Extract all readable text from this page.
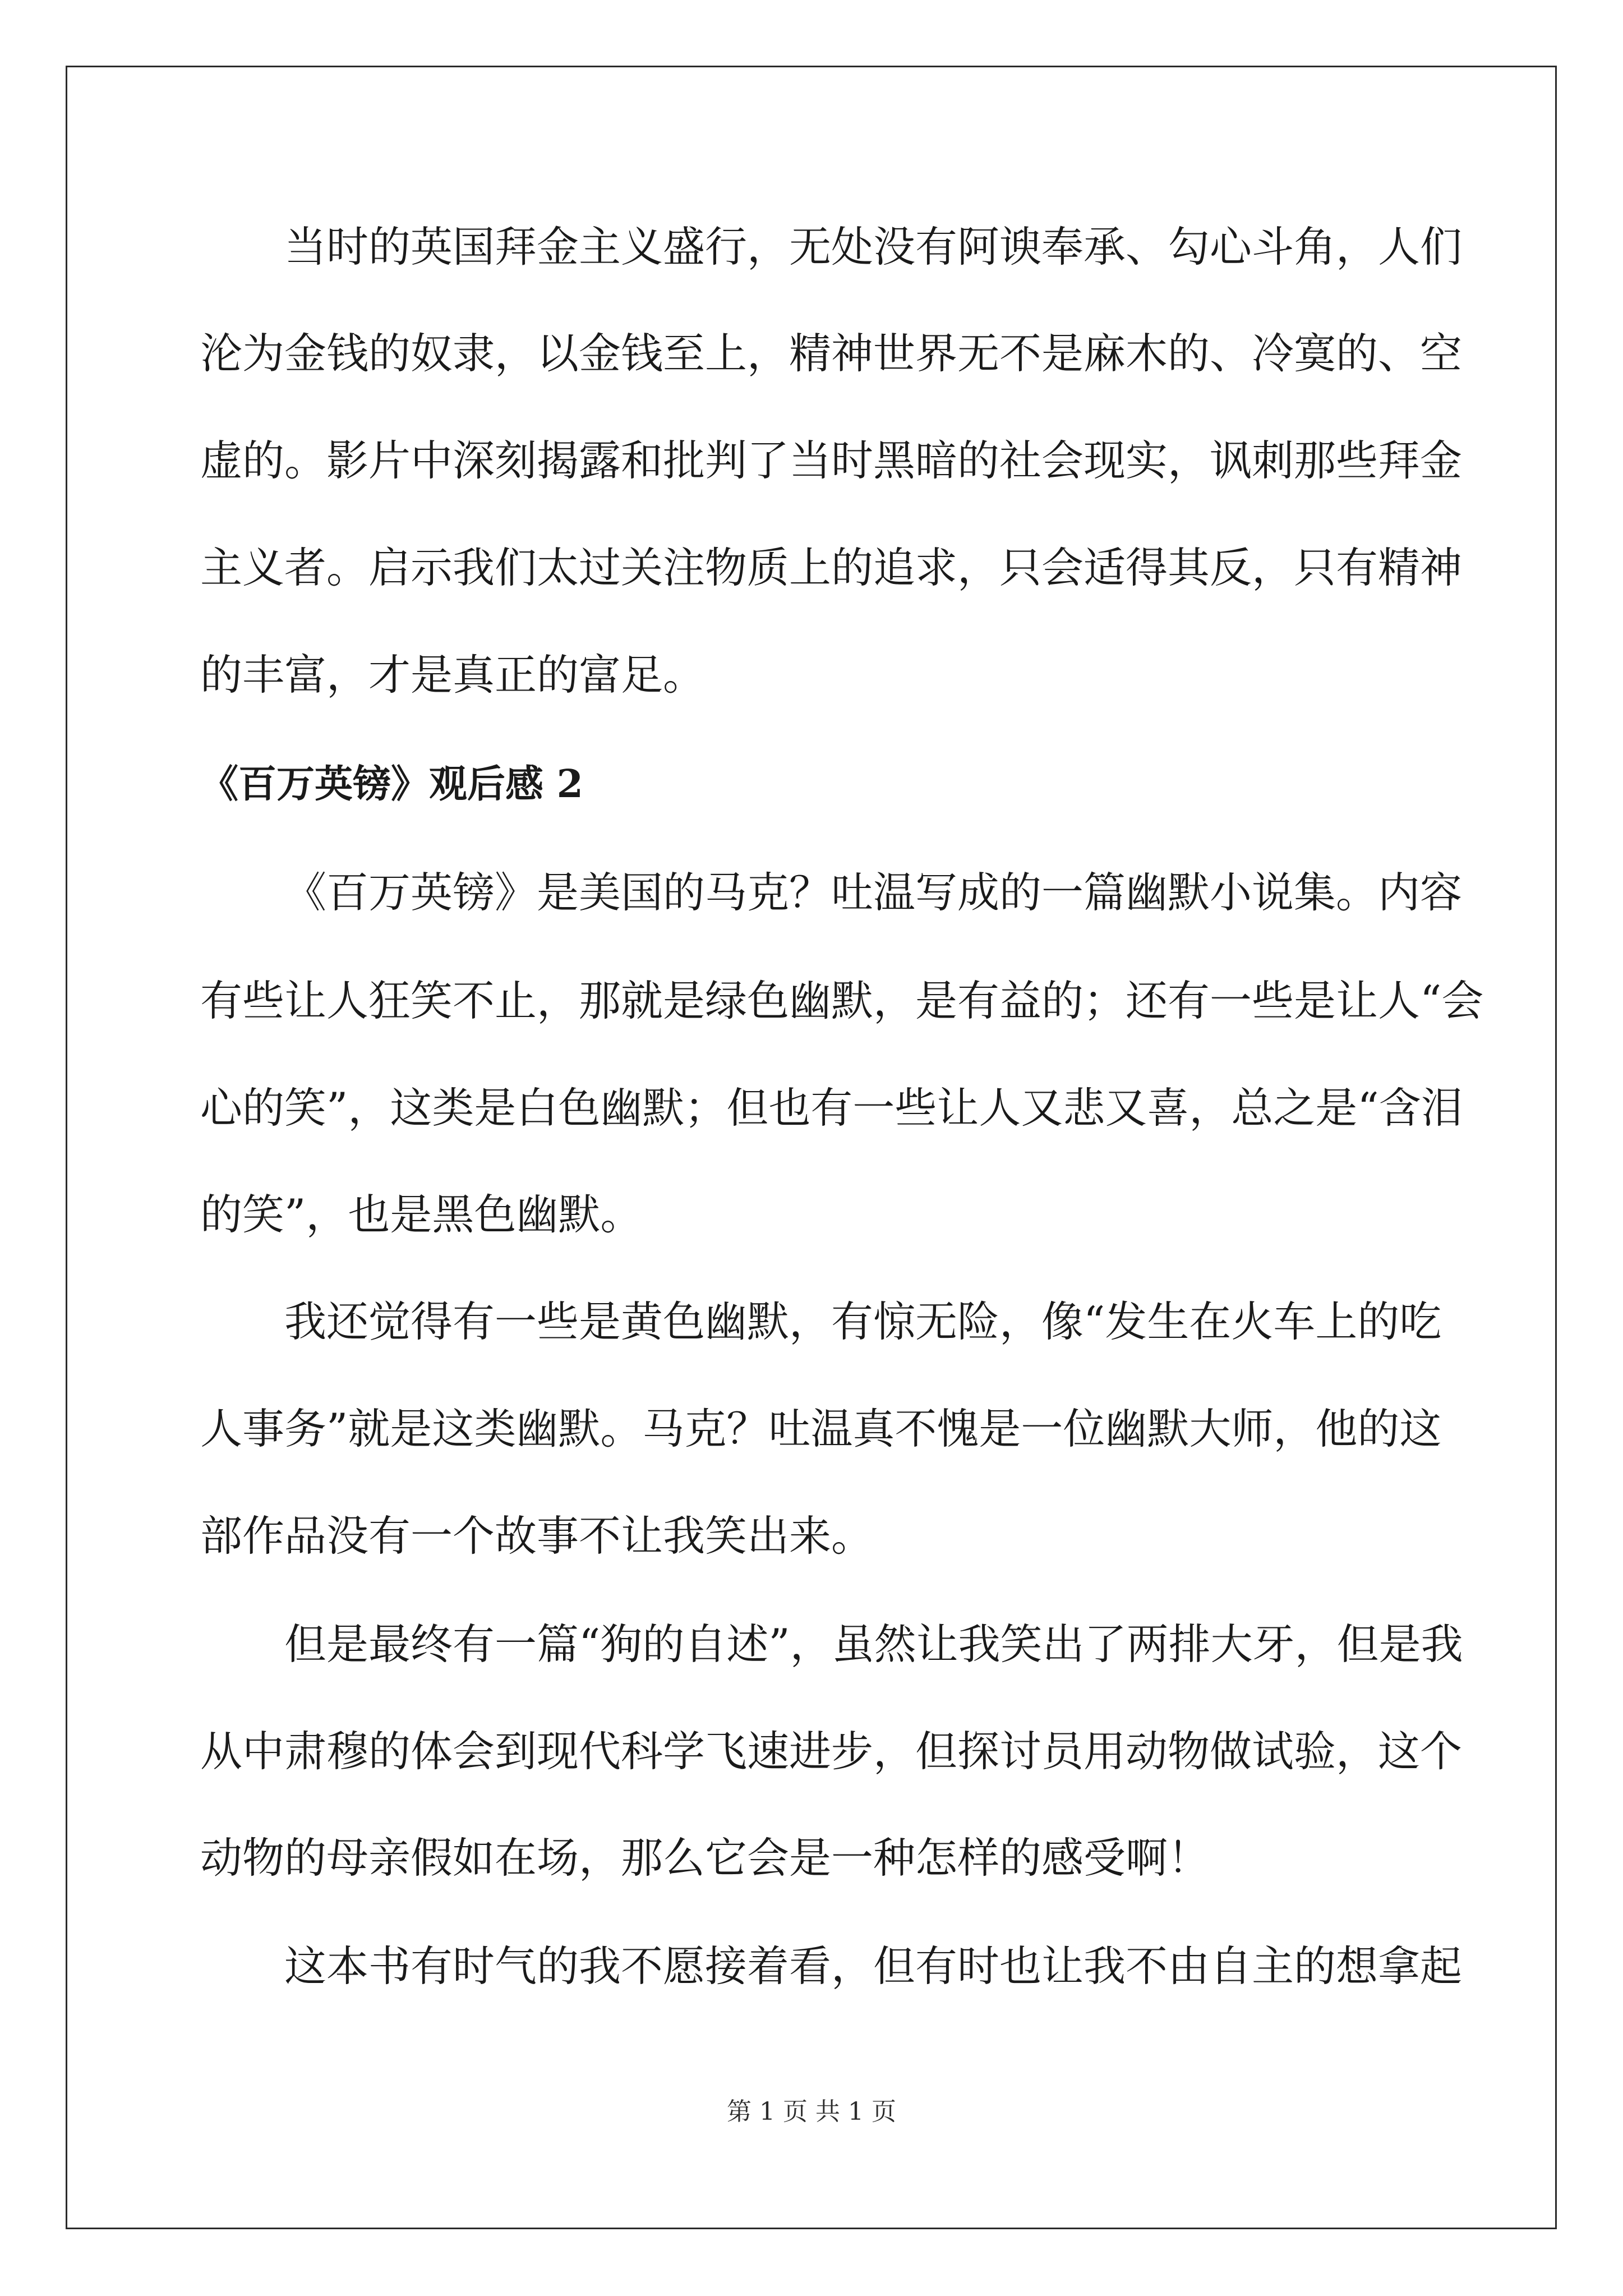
当时的英国拜金主义盛行，无处没有阿谀奉承、勾心斗角，人们

沦为金钱的奴隶，以金钱至上，精神世界无不是麻木的、冷寞的、空

虚的。影片中深刻揭露和批判了当时黑暗的社会现实，讽刺那些拜金

主义者。启示我们太过关注物质上的追求，只会适得其反，只有精神

的丰富，才是真正的富足。

《百万英镑》观后感 2

《百万英镑》是美国的马克？吐温写成的一篇幽默小说集。内容

有些让人狂笑不止，那就是绿色幽默，是有益的；还有一些是让人“会

心的笑”，这类是白色幽默；但也有一些让人又悲又喜，总之是“含泪

的笑”，也是黑色幽默。

我还觉得有一些是黄色幽默，有惊无险，像“发生在火车上的吃

人事务”就是这类幽默。马克？吐温真不愧是一位幽默大师，他的这

部作品没有一个故事不让我笑出来。

但是最终有一篇“狗的自述”，虽然让我笑出了两排大牙，但是我

从中肃穆的体会到现代科学飞速进步，但探讨员用动物做试验，这个

动物的母亲假如在场，那么它会是一种怎样的感受啊！

这本书有时气的我不愿接着看，但有时也让我不由自主的想拿起

第 1 页 共 1 页
